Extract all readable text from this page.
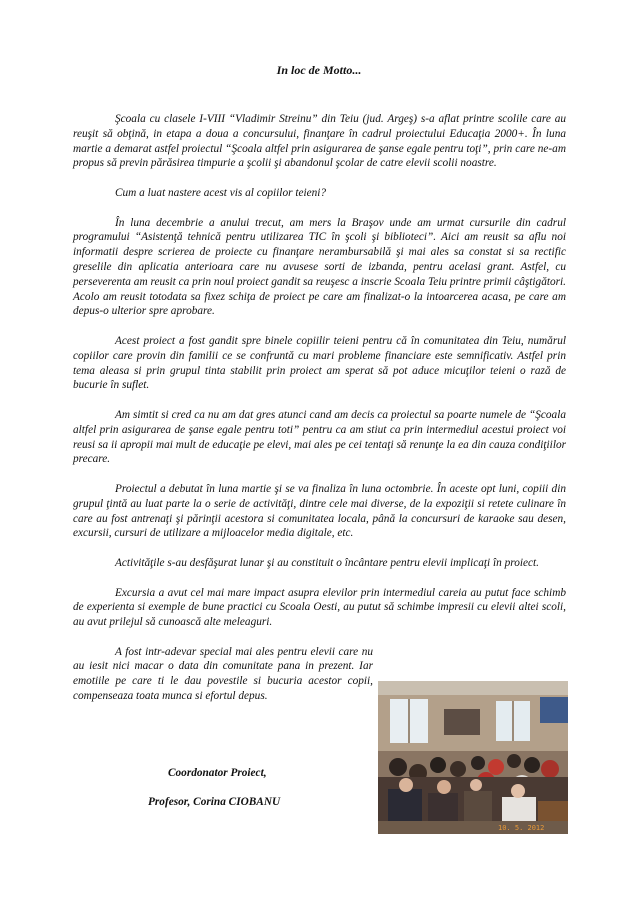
In loc de Motto...

Şcoala cu clasele I-VIII “Vladimir Streinu” din Teiu (jud. Argeş) s-a aflat printre scolile care au reuşit să obţină, in etapa a doua a concursului, finanţare în cadrul proiectului Educaţia 2000+. În luna martie a demarat astfel proiectul “Şcoala altfel prin asigurarea de şanse egale pentru toţi”, prin care ne-am propus să previn părăsirea timpurie a şcolii şi abandonul şcolar de catre elevii scolii noastre.

Cum a luat nastere acest vis al copiilor teieni?

În luna decembrie a anului trecut, am mers la Braşov unde am urmat cursurile din cadrul programului “Asistenţă tehnică pentru utilizarea TIC în şcoli şi biblioteci”. Aici am reusit sa aflu noi informatii despre scrierea de proiecte cu finanţare nerambursabilă şi mai ales sa constat si sa rectific greselile din aplicatia anterioara care nu avusese sorti de izbanda, pentru acelasi grant. Astfel, cu perseverenta am reusit ca prin noul proiect gandit sa reuşesc a inscrie Scoala Teiu printre primii câştigători. Acolo am reusit totodata sa fixez schiţa de proiect pe care am finalizat-o la intoarcerea acasa, pe care am depus-o ulterior spre aprobare.

Acest proiect a fost gandit spre binele copiilir teieni pentru că în comunitatea din Teiu, numărul copiilor care provin din familii ce se confruntă cu mari probleme financiare este semnificativ. Astfel prin tema aleasa si prin grupul tinta stabilit prin proiect am sperat să pot aduce micuţilor teieni o rază de bucurie în suflet.

Am simtit si cred ca nu am dat gres atunci cand am decis ca proiectul sa poarte numele de “Şcoala altfel prin asigurarea de şanse egale pentru toti” pentru ca am stiut ca prin intermediul acestui proiect voi reusi sa ii apropii mai mult de educaţie pe elevi, mai ales pe cei tentaţi să renunţe la ea din cauza condiţiilor precare.

Proiectul a debutat în luna martie şi se va finaliza în luna octombrie. În aceste opt luni, copiii din grupul ţintă au luat parte la o serie de activităţi, dintre cele mai diverse, de la expoziţii si retete culinare în care au fost antrenaţi şi părinţii acestora si comunitatea locala, până la concursuri de karaoke sau desen, excursii, cursuri de utilizare a mijloacelor media digitale, etc.

Activităţile s-au desfăşurat lunar şi au constituit o încântare pentru elevii implicaţi în proiect.

Excursia a avut cel mai mare impact asupra elevilor prin intermediul careia au putut face schimb de experienta si exemple de bune practici cu Scoala Oesti, au putut să schimbe impresii cu elevii altei scoli, au avut prilejul să cunoască alte meleaguri.

A fost intr-adevar special mai ales pentru elevii care nu au iesit nici macar o data din comunitate pana in prezent. Iar emotiile pe care ti le dau povestile si bucuria acestor copii, compenseaza toata munca si efortul depus.

Coordonator Proiect,
Profesor, Corina CIOBANU
10. 5. 2012
